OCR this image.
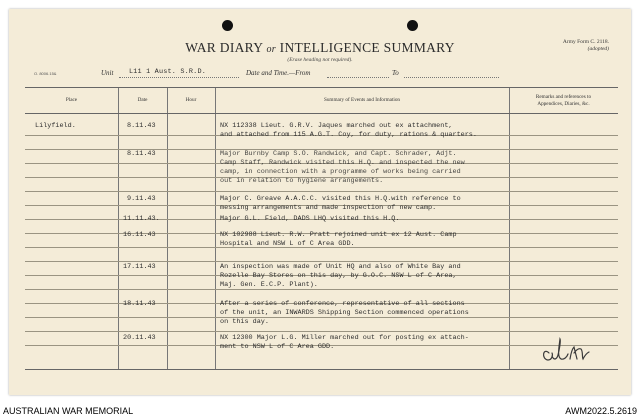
O. 8006.15&
WAR DIARY or INTELLIGENCE SUMMARY
(Erase heading not required).
Army Form C. 2118.
(adopted)
Unit L11 1 Aust. S.R.D.	Date and Time.—From	To
Place	Date	Hour	Summary of Events and Information
Remarks and references to
Appendices, Diaries, &c.
Lilyfield.	8.11.43	NX 112338 Lieut. G.R.V. Jaques marched out ex attachment,
and attached from 115 A.G.T. Coy, for duty, rations & quarters.
8.11.43	Major Burnby Camp S.O. Randwick, and Capt. Schrader, Adjt.
Camp Staff, Randwick visited this H.Q. and inspected the new
camp, in connection with a programme of works being carried
out in relation to hygiene arrangements.
9.11.43	Major C. Greave A.A.C.C. visited this H.Q.with reference to
messing arrangements and made inspection of new camp.
11.11.43.	Major G.L. Field, DADS LHQ visited this H.Q.
16.11.43	NX 102988 Lieut. R.W. Pratt rejoined unit ex 12 Aust. Camp
Hospital and NSW L of C Area GDD.
17.11.43	An inspection was made of Unit HQ and also of White Bay and
Rozelle Bay Stores on this day, by G.O.C. NSW L of C Area,
Maj. Gen. E.C.P. Plant).
18.11.43	After a series of conference, representative of all sections
of the unit, an INWARDS Shipping Section commenced operations
on this day.
20.11.43	NX 12300 Major L.G. Miller marched out for posting ex attach-
ment to NSW L of C Area GDD.
AUSTRALIAN WAR MEMORIAL	AWM2022.5.2619
